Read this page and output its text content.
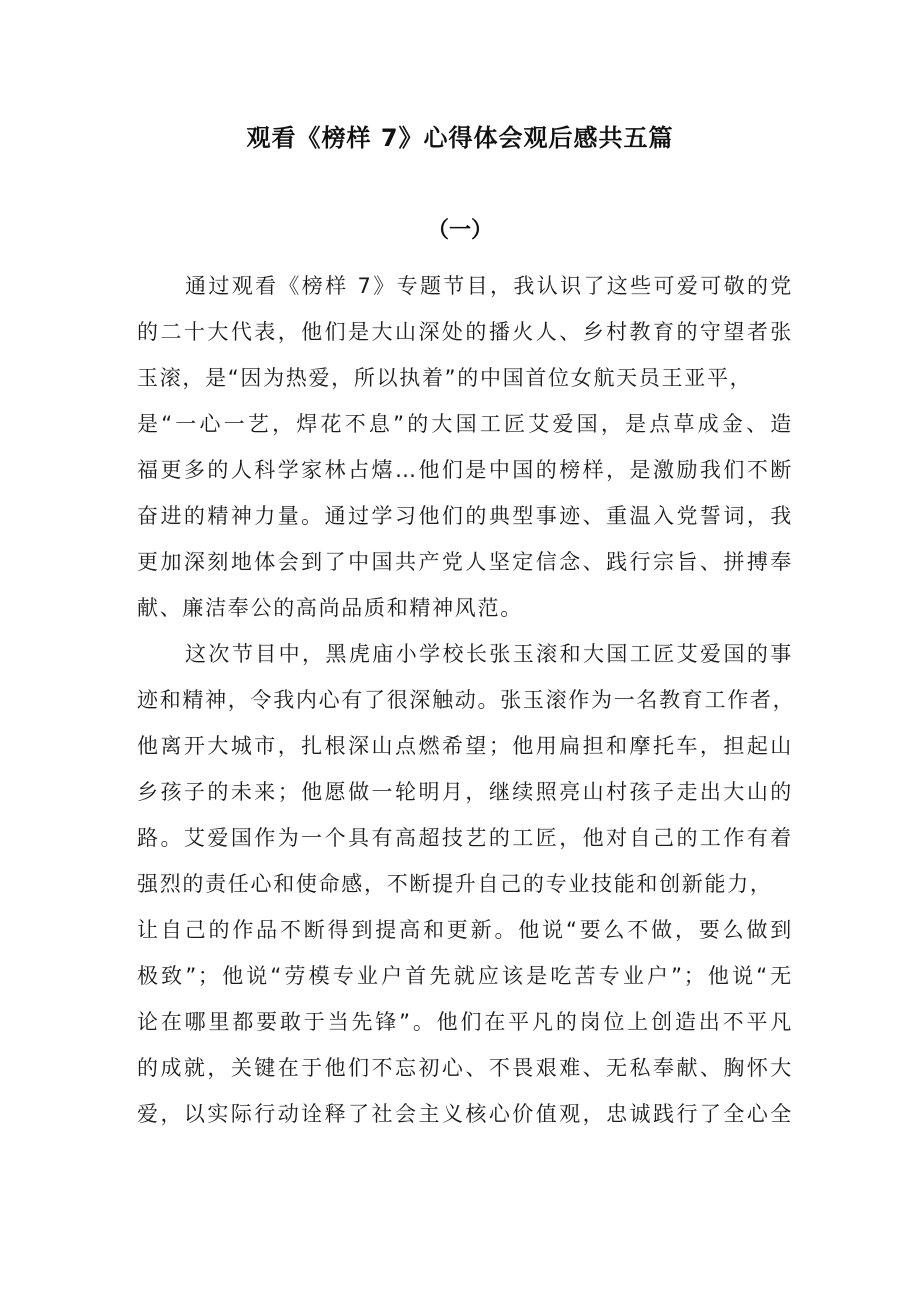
观看《榜样 7》心得体会观后感共五篇
（一）

通过观看《榜样 7》专题节目，我认识了这些可爱可敬的党
的二十大代表，他们是大山深处的播火人、乡村教育的守望者张
玉滚，是“因为热爱，所以执着”的中国首位女航天员王亚平，
是“一心一艺，焊花不息”的大国工匠艾爱国，是点草成金、造
福更多的人科学家林占熺…他们是中国的榜样，是激励我们不断
奋进的精神力量。通过学习他们的典型事迹、重温入党誓词，我
更加深刻地体会到了中国共产党人坚定信念、践行宗旨、拼搏奉
献、廉洁奉公的高尚品质和精神风范。

这次节目中，黑虎庙小学校长张玉滚和大国工匠艾爱国的事
迹和精神，令我内心有了很深触动。张玉滚作为一名教育工作者，
他离开大城市，扎根深山点燃希望；他用扁担和摩托车，担起山
乡孩子的未来；他愿做一轮明月，继续照亮山村孩子走出大山的
路。艾爱国作为一个具有高超技艺的工匠，他对自己的工作有着
强烈的责任心和使命感，不断提升自己的专业技能和创新能力，
让自己的作品不断得到提高和更新。他说“要么不做，要么做到
极致”；他说“劳模专业户首先就应该是吃苦专业户”；他说“无
论在哪里都要敢于当先锋”。他们在平凡的岗位上创造出不平凡
的成就，关键在于他们不忘初心、不畏艰难、无私奉献、胸怀大
爱，以实际行动诠释了社会主义核心价值观，忠诚践行了全心全
